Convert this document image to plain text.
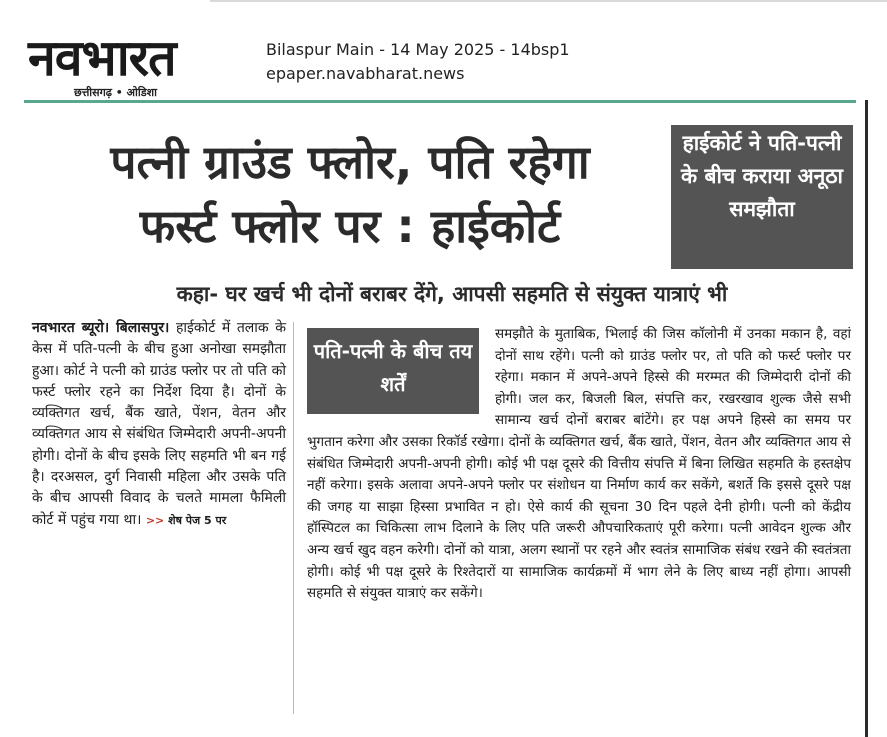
नवभारत
छत्तीसगढ़ • ओडिशा
Bilaspur Main - 14 May 2025 - 14bsp1
epaper.navabharat.news
पत्नी ग्राउंड फ्लोर, पति रहेगा
फर्स्ट फ्लोर पर : हाईकोर्ट
हाईकोर्ट ने पति-पत्नी के बीच कराया अनूठा समझौता
कहा- घर खर्च भी दोनों बराबर देंगे, आपसी सहमति से संयुक्त यात्राएं भी
नवभारत ब्यूरो। बिलासपुर। हाईकोर्ट में तलाक के केस में पति-पत्नी के बीच हुआ अनोखा समझौता हुआ। कोर्ट ने पत्नी को ग्राउंड फ्लोर पर तो पति को फर्स्ट फ्लोर रहने का निर्देश दिया है। दोनों के व्यक्तिगत खर्च, बैंक खाते, पेंशन, वेतन और व्यक्तिगत आय से संबंधित जिम्मेदारी अपनी-अपनी होगी। दोनों के बीच इसके लिए सहमति भी बन गई है। दरअसल, दुर्ग निवासी महिला और उसके पति के बीच आपसी विवाद के चलते मामला फैमिली कोर्ट में पहुंच गया था। >> शेष पेज 5 पर
पति-पत्नी के बीच तय शर्तें
समझौते के मुताबिक, भिलाई की जिस कॉलोनी में उनका मकान है, वहां दोनों साथ रहेंगे। पत्नी को ग्राउंड फ्लोर पर, तो पति को फर्स्ट फ्लोर पर रहेगा। मकान में अपने-अपने हिस्से की मरम्मत की जिम्मेदारी दोनों की होगी। जल कर, बिजली बिल, संपत्ति कर, रखरखाव शुल्क जैसे सभी सामान्य खर्च दोनों बराबर बांटेंगे। हर पक्ष अपने हिस्से का समय पर भुगतान करेगा और उसका रिकॉर्ड रखेगा। दोनों के व्यक्तिगत खर्च, बैंक खाते, पेंशन, वेतन और व्यक्तिगत आय से संबंधित जिम्मेदारी अपनी-अपनी होगी। कोई भी पक्ष दूसरे की वित्तीय संपत्ति में बिना लिखित सहमति के हस्तक्षेप नहीं करेगा। इसके अलावा अपने-अपने फ्लोर पर संशोधन या निर्माण कार्य कर सकेंगे, बशर्ते कि इससे दूसरे पक्ष की जगह या साझा हिस्सा प्रभावित न हो। ऐसे कार्य की सूचना 30 दिन पहले देनी होगी। पत्नी को केंद्रीय हॉस्पिटल का चिकित्सा लाभ दिलाने के लिए पति जरूरी औपचारिकताएं पूरी करेगा। पत्नी आवेदन शुल्क और अन्य खर्च खुद वहन करेगी। दोनों को यात्रा, अलग स्थानों पर रहने और स्वतंत्र सामाजिक संबंध रखने की स्वतंत्रता होगी। कोई भी पक्ष दूसरे के रिश्तेदारों या सामाजिक कार्यक्रमों में भाग लेने के लिए बाध्य नहीं होगा। आपसी सहमति से संयुक्त यात्राएं कर सकेंगे।
